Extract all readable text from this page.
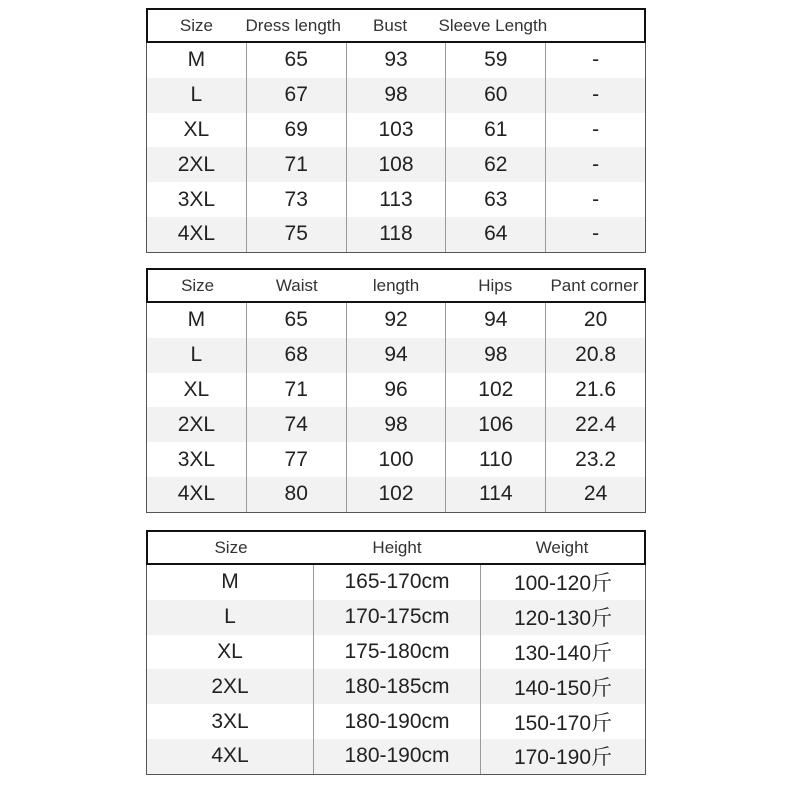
Size	Dress length	Bust	Sleeve Length
M	65	93	59	-
L	67	98	60	-
XL	69	103	61	-
2XL	71	108	62	-
3XL	73	113	63	-
4XL	75	118	64	-
Size	Waist	length	Hips	Pant corner
M	65	92	94	20
L	68	94	98	20.8
XL	71	96	102	21.6
2XL	74	98	106	22.4
3XL	77	100	110	23.2
4XL	80	102	114	24
Size	Height	Weight
M	165-170cm	100-120斤
L	170-175cm	120-130斤
XL	175-180cm	130-140斤
2XL	180-185cm	140-150斤
3XL	180-190cm	150-170斤
4XL	180-190cm	170-190斤
